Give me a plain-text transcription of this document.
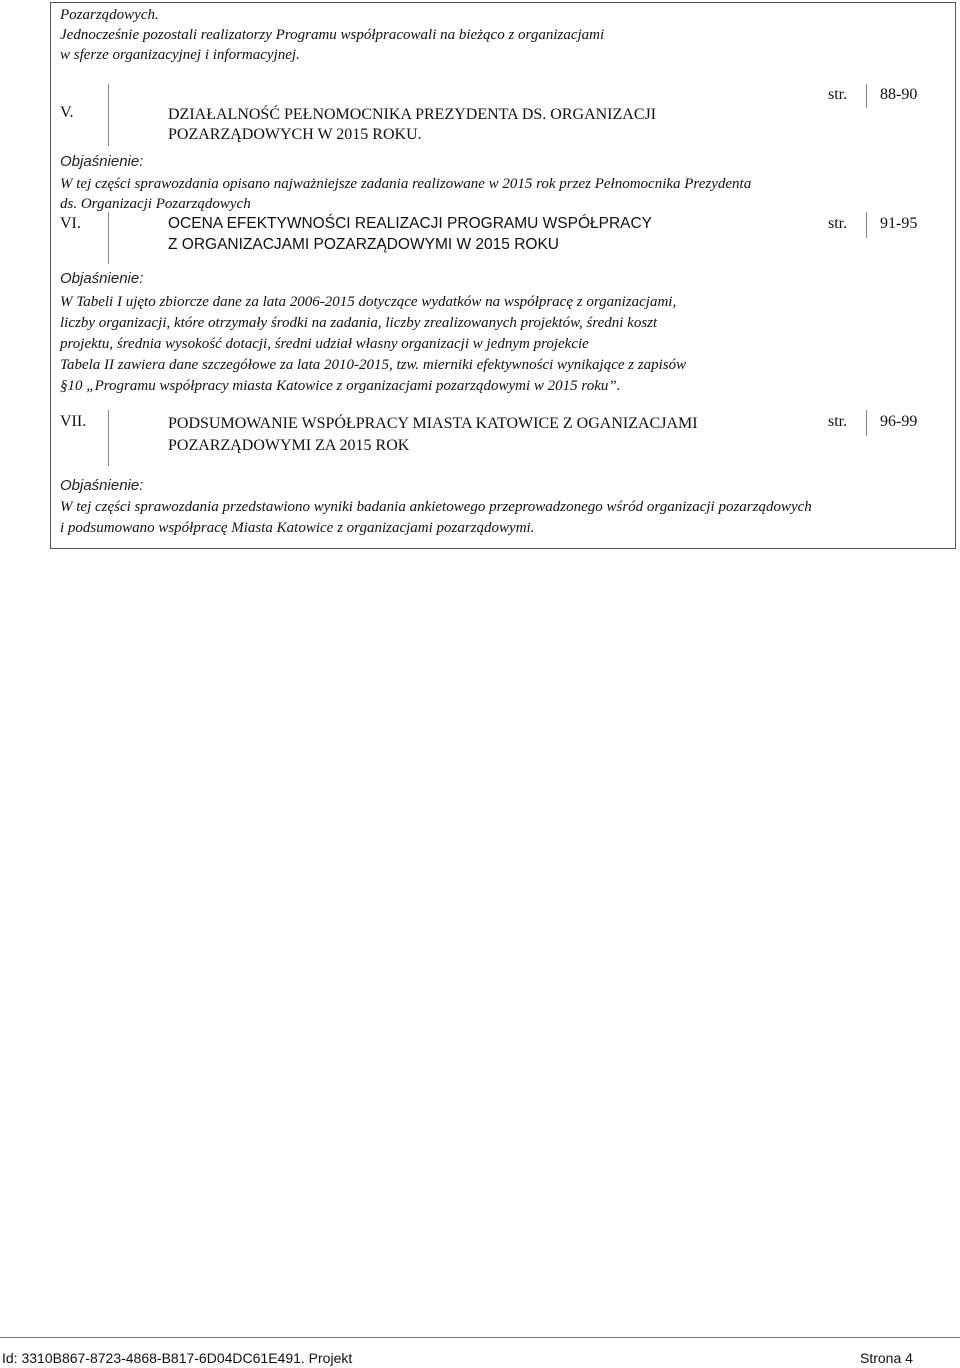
Pozarządowych.
Jednocześnie pozostali realizatorzy Programu współpracowali na bieżąco z organizacjami
w sferze organizacyjnej i informacyjnej.
V.	DZIAŁALNOŚĆ PEŁNOMOCNIKA PREZYDENTA DS. ORGANIZACJI
POZARZĄDOWYCH W 2015 ROKU.
str. 88-90
Objaśnienie:
W tej części sprawozdania opisano najważniejsze zadania realizowane w 2015 rok przez Pełnomocnika Prezydenta
ds. Organizacji Pozarządowych
VI.	OCENA EFEKTYWNOŚCI REALIZACJI PROGRAMU WSPÓŁPRACY
Z ORGANIZACJAMI POZARZĄDOWYMI W 2015 ROKU
str. 91-95
Objaśnienie:
W Tabeli I ujęto zbiorcze dane za lata 2006-2015 dotyczące wydatków na współpracę z organizacjami,
liczby organizacji, które otrzymały środki na zadania, liczby zrealizowanych projektów, średni koszt
projektu, średnia wysokość dotacji, średni udział własny organizacji w jednym projekcie
Tabela II zawiera dane szczegółowe za lata 2010-2015, tzw. mierniki efektywności wynikające z zapisów
§10 „Programu współpracy miasta Katowice z organizacjami pozarządowymi w 2015 roku”.
VII.	PODSUMOWANIE WSPÓŁPRACY MIASTA KATOWICE Z OGANIZACJAMI
POZARZĄDOWYMI ZA 2015 ROK
str. 96-99
Objaśnienie:
W tej części sprawozdania przedstawiono wyniki badania ankietowego przeprowadzonego wśród organizacji pozarządowych
i podsumowano współpracę Miasta Katowice z organizacjami pozarządowymi.
Id: 3310B867-8723-4868-B817-6D04DC61E491. Projekt	Strona 4
